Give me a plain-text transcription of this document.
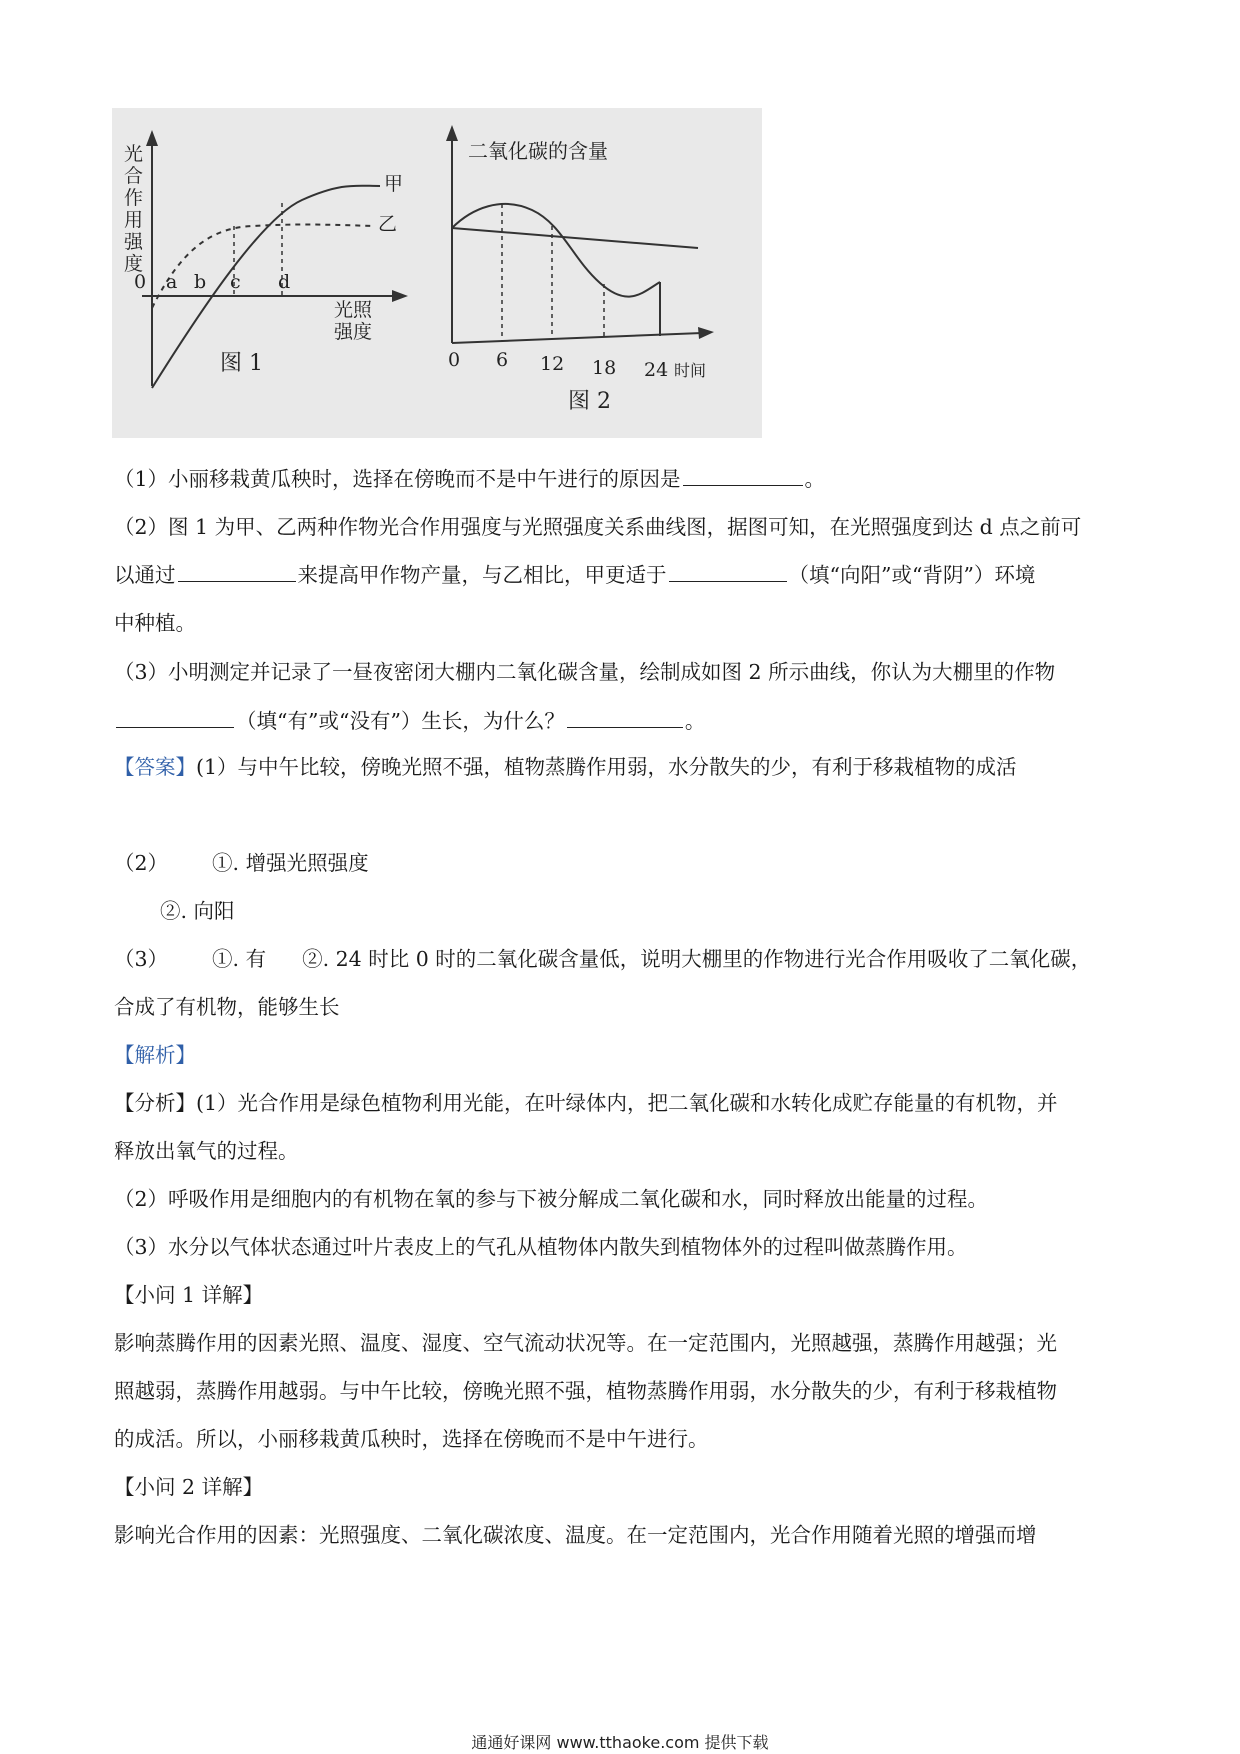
光
合
作
用
强
度
0 a b c d
光照
强度
甲
乙
图 1
二氧化碳的含量
0 6 12 18 24 时间
图 2
（1）小丽移栽黄瓜秧时，选择在傍晚而不是中午进行的原因是	。
（2）图 1 为甲、乙两种作物光合作用强度与光照强度关系曲线图，据图可知，在光照强度到达 d 点之前可
以通过	来提高甲作物产量，与乙相比，甲更适于	（填“向阳”或“背阴”）环境
中种植。
（3）小明测定并记录了一昼夜密闭大棚内二氧化碳含量，绘制成如图 2 所示曲线，你认为大棚里的作物
（填“有”或“没有”）生长，为什么？	。
【答案】(1）与中午比较，傍晚光照不强，植物蒸腾作用弱，水分散失的少，有利于移栽植物的成活
（2） ①. 增强光照强度
②. 向阳
（3） ①. 有 ②. 24 时比 0 时的二氧化碳含量低，说明大棚里的作物进行光合作用吸收了二氧化碳，
合成了有机物，能够生长
【解析】
【分析】(1）光合作用是绿色植物利用光能，在叶绿体内，把二氧化碳和水转化成贮存能量的有机物，并
释放出氧气的过程。
（2）呼吸作用是细胞内的有机物在氧的参与下被分解成二氧化碳和水，同时释放出能量的过程。
（3）水分以气体状态通过叶片表皮上的气孔从植物体内散失到植物体外的过程叫做蒸腾作用。
【小问 1 详解】
影响蒸腾作用的因素光照、温度、湿度、空气流动状况等。在一定范围内，光照越强，蒸腾作用越强；光
照越弱，蒸腾作用越弱。与中午比较，傍晚光照不强，植物蒸腾作用弱，水分散失的少，有利于移栽植物
的成活。所以，小丽移栽黄瓜秧时，选择在傍晚而不是中午进行。
【小问 2 详解】
影响光合作用的因素：光照强度、二氧化碳浓度、温度。在一定范围内，光合作用随着光照的增强而增
通通好课网 www.tthaoke.com 提供下载
